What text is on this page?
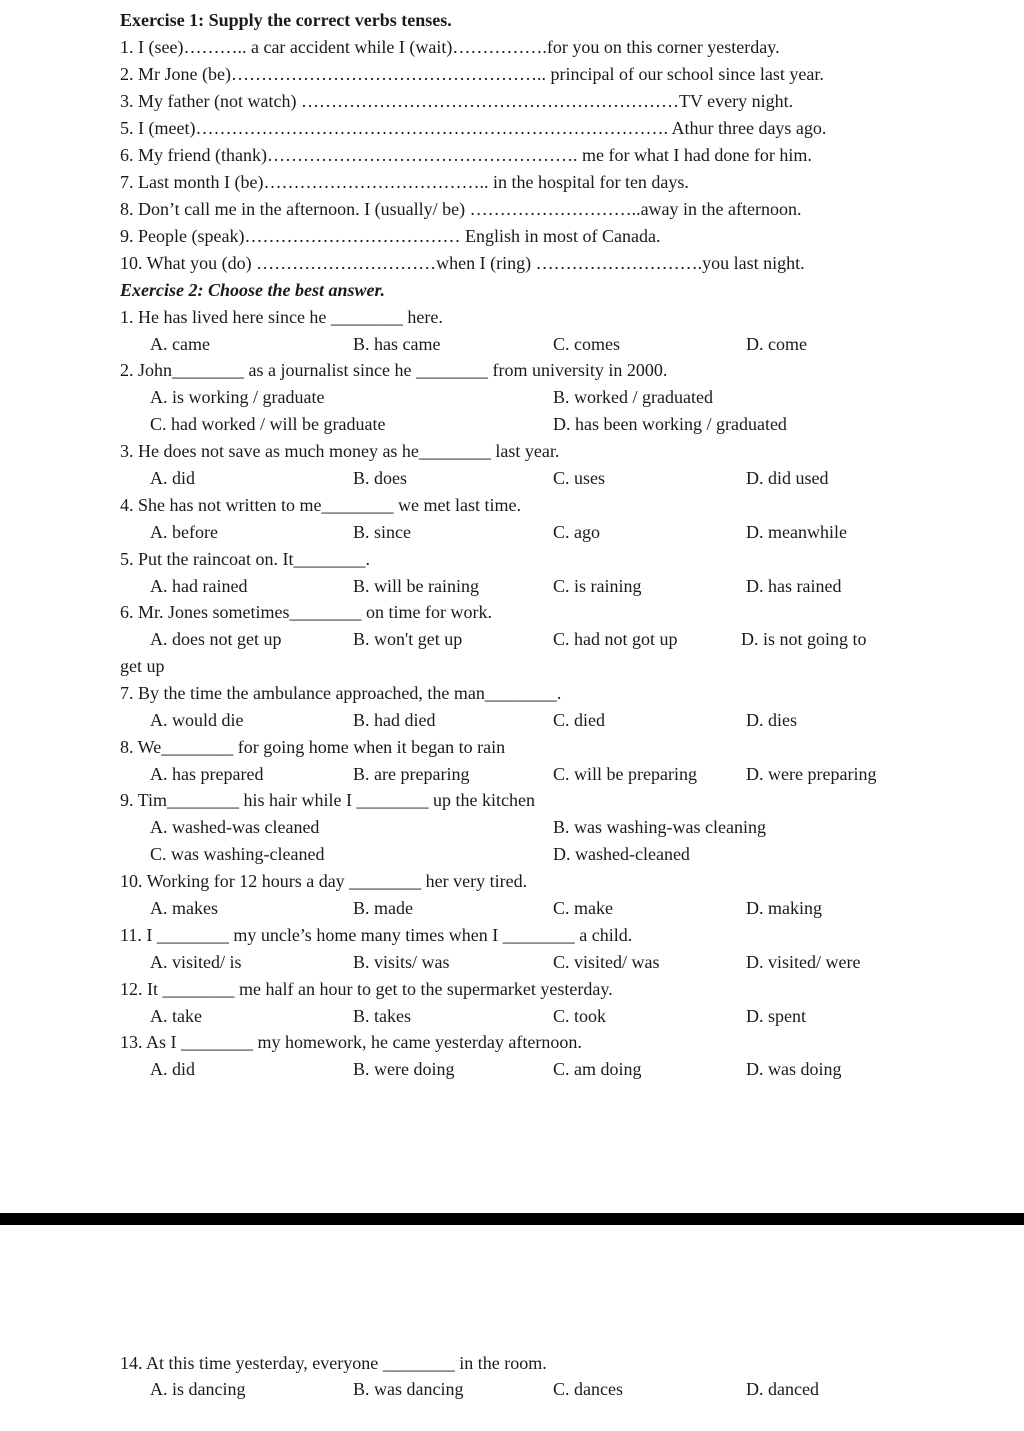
Exercise 1: Supply the correct verbs tenses.
1. I (see)……….. a car accident while I (wait)…………….for you on this corner yesterday.
2. Mr Jone (be)…………………………………………….. principal of our school since last year.
3. My father (not watch) ………………………………………………………TV every night.
5. I (meet)……………………………………………………………………. Athur three days ago.
6. My friend (thank)……………………………………………. me for what I had done for him.
7. Last month I (be)……………………………….. in the hospital for ten days.
8. Don’t call me in the afternoon. I (usually/ be) ………………………..away in the afternoon.
9. People (speak)……………………………… English in most of Canada.
10. What you (do) …………………………when I (ring) ……………………….you last night.
Exercise 2: Choose the best answer.
1. He has lived here since he ________ here.
A. came	B. has came	C. comes	D. come
2. John________ as a journalist since he ________ from university in 2000.
A. is working / graduate	B. worked / graduated
C. had worked / will be graduate	D. has been working / graduated
3. He does not save as much money as he________ last year.
A. did	B. does	C. uses	D. did used
4. She has not written to me________ we met last time.
A. before	B. since	C. ago	D. meanwhile
5. Put the raincoat on. It________.
A. had rained	B. will be raining	C. is raining	D. has rained
6. Mr. Jones sometimes________ on time for work.
A. does not get up	B. won't get up	C. had not got up	D. is not going to
get up
7. By the time the ambulance approached, the man________.
A. would die	B. had died	C. died	D. dies
8. We________ for going home when it began to rain
A. has prepared	B. are preparing	C. will be preparing	D. were preparing
9. Tim________ his hair while I ________ up the kitchen
A. washed-was cleaned	B. was washing-was cleaning
C. was washing-cleaned	D. washed-cleaned
10. Working for 12 hours a day ________ her very tired.
A. makes	B. made	C. make	D. making
11. I ________ my uncle’s home many times when I ________ a child.
A. visited/ is	B. visits/ was	C. visited/ was	D. visited/ were
12. It ________ me half an hour to get to the supermarket yesterday.
A. take	B. takes	C. took	D. spent
13. As I ________ my homework, he came yesterday afternoon.
A. did	B. were doing	C. am doing	D. was doing
14. At this time yesterday, everyone ________ in the room.
A. is dancing	B. was dancing	C. dances	D. danced
